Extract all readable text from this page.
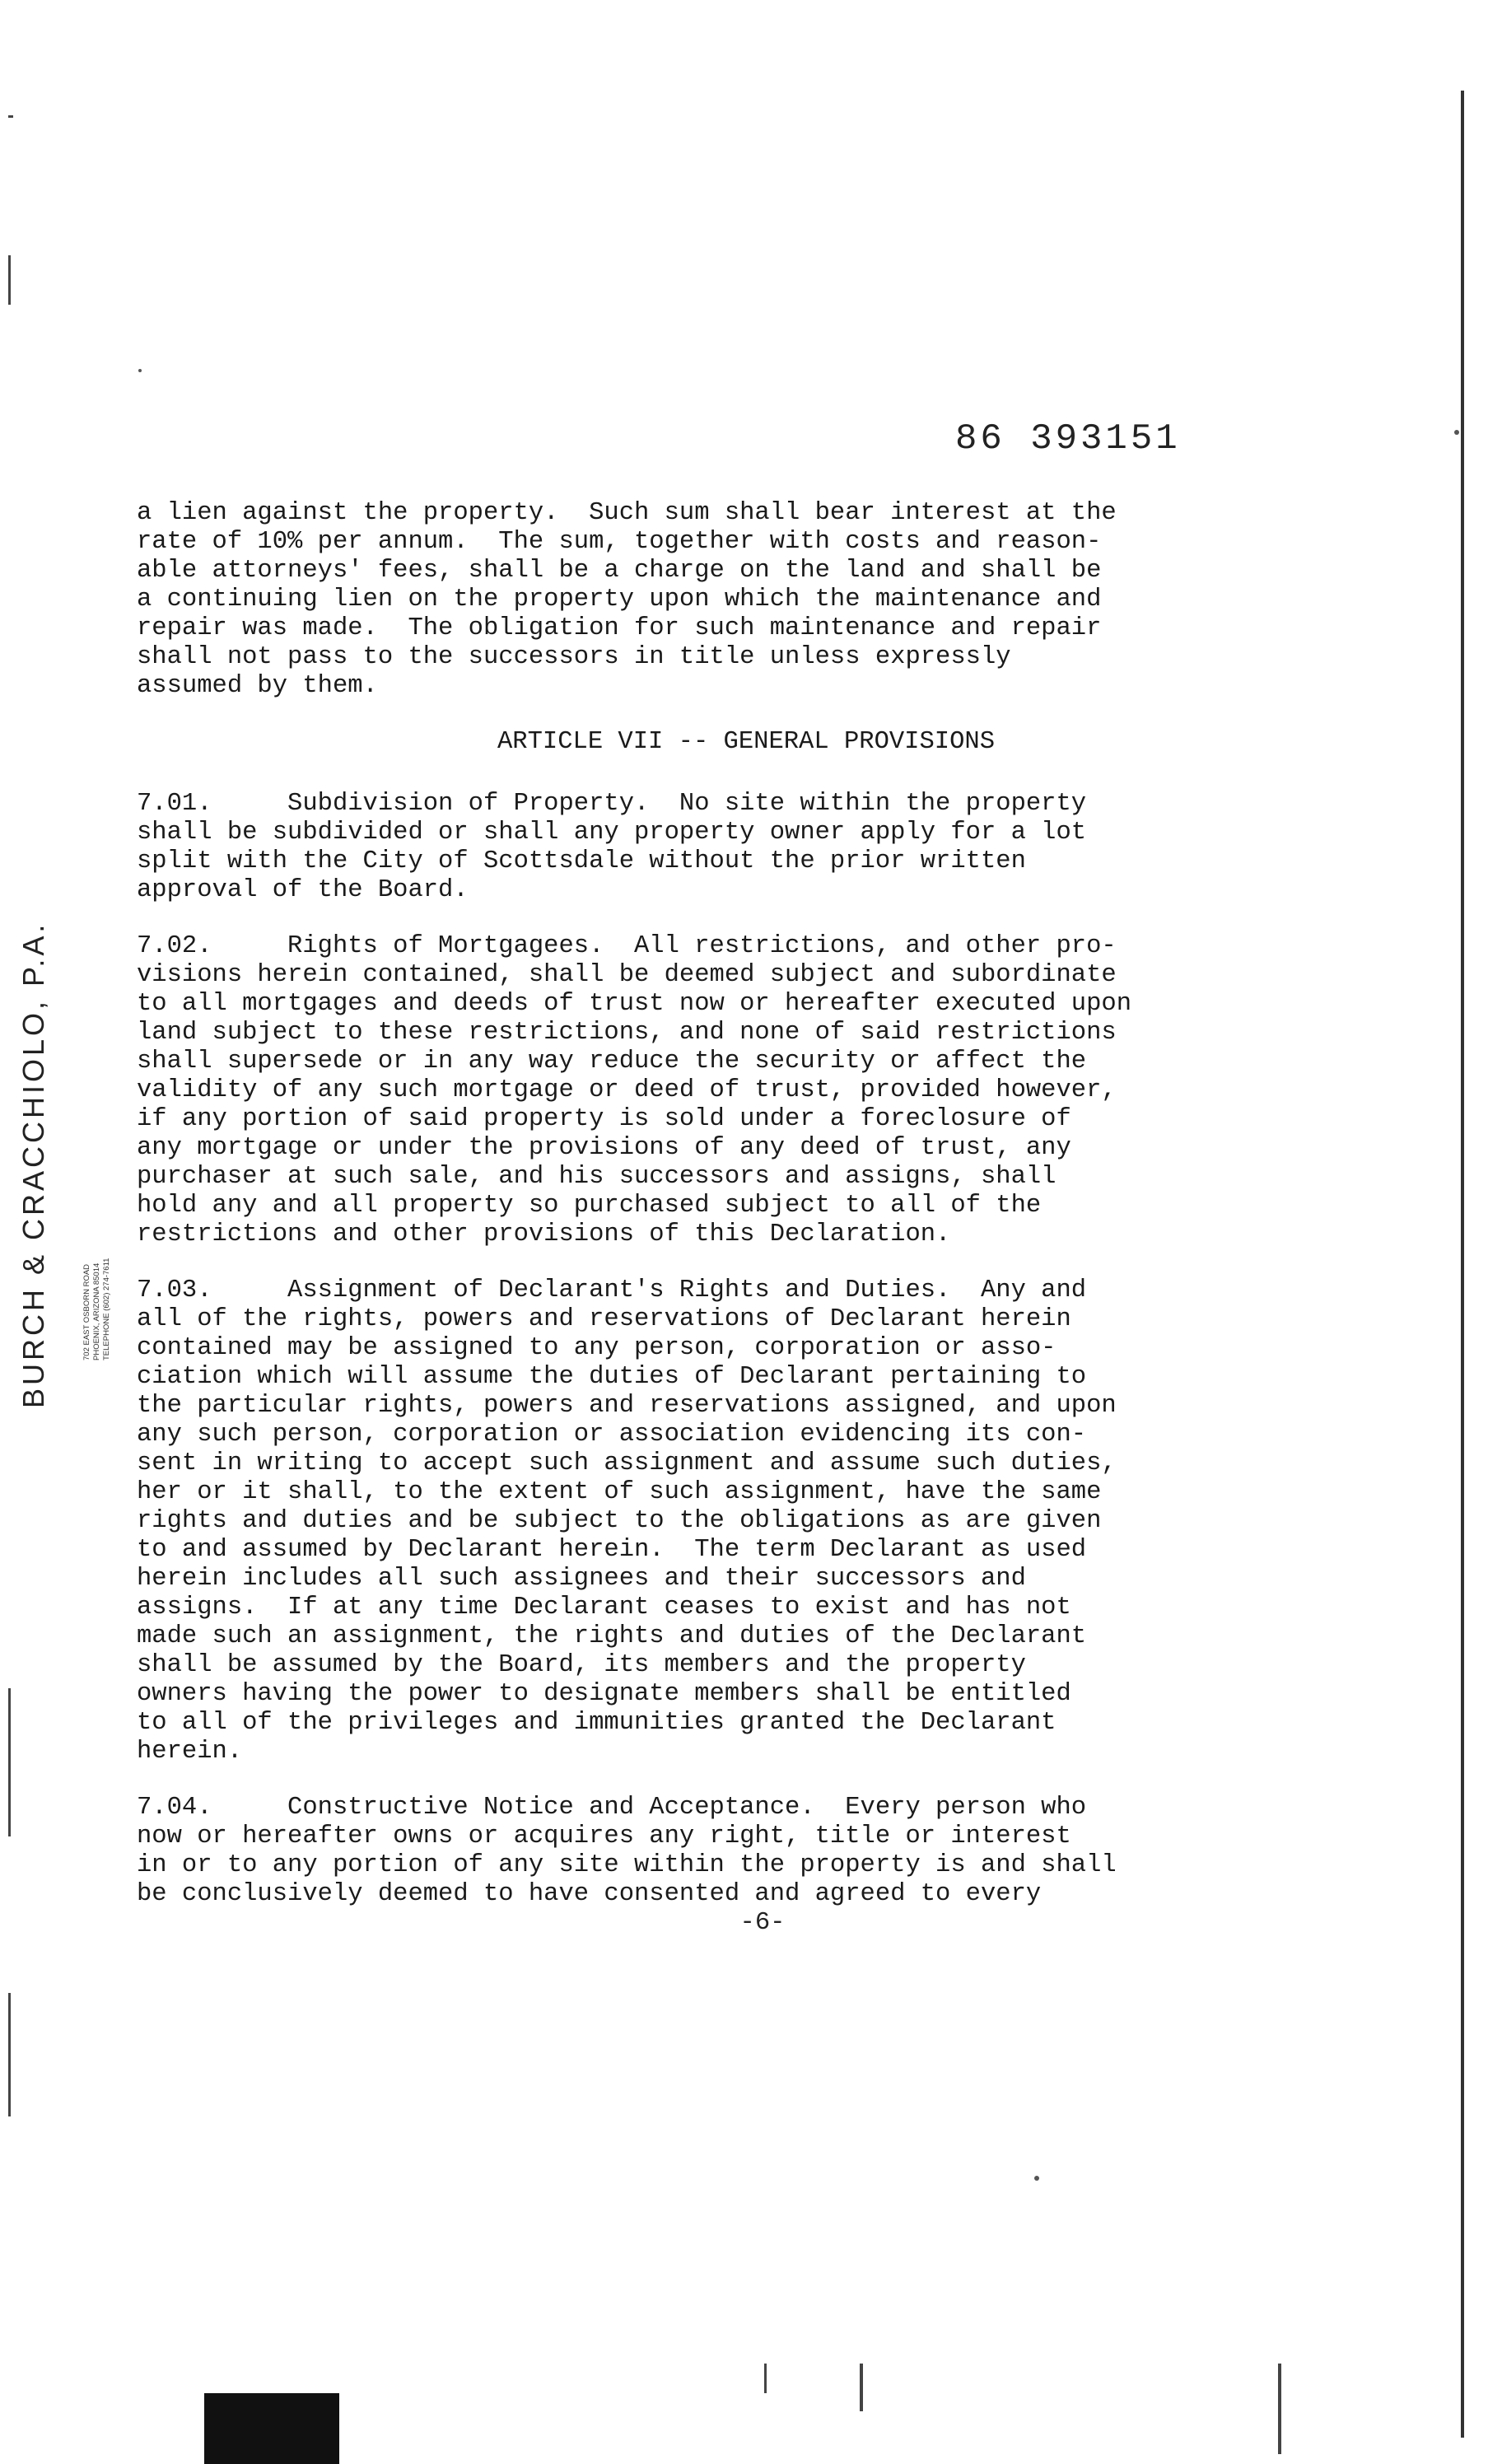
86 393151
a lien against the property.  Such sum shall bear interest at the
rate of 10% per annum.  The sum, together with costs and reason-
able attorneys' fees, shall be a charge on the land and shall be
a continuing lien on the property upon which the maintenance and
repair was made.  The obligation for such maintenance and repair
shall not pass to the successors in title unless expressly
assumed by them.
ARTICLE VII -- GENERAL PROVISIONS
7.01.     Subdivision of Property.  No site within the property
shall be subdivided or shall any property owner apply for a lot
split with the City of Scottsdale without the prior written
approval of the Board.
7.02.     Rights of Mortgagees.  All restrictions, and other pro-
visions herein contained, shall be deemed subject and subordinate
to all mortgages and deeds of trust now or hereafter executed upon
land subject to these restrictions, and none of said restrictions
shall supersede or in any way reduce the security or affect the
validity of any such mortgage or deed of trust, provided however,
if any portion of said property is sold under a foreclosure of
any mortgage or under the provisions of any deed of trust, any
purchaser at such sale, and his successors and assigns, shall
hold any and all property so purchased subject to all of the
restrictions and other provisions of this Declaration.
7.03.     Assignment of Declarant's Rights and Duties.  Any and
all of the rights, powers and reservations of Declarant herein
contained may be assigned to any person, corporation or asso-
ciation which will assume the duties of Declarant pertaining to
the particular rights, powers and reservations assigned, and upon
any such person, corporation or association evidencing its con-
sent in writing to accept such assignment and assume such duties,
her or it shall, to the extent of such assignment, have the same
rights and duties and be subject to the obligations as are given
to and assumed by Declarant herein.  The term Declarant as used
herein includes all such assignees and their successors and
assigns.  If at any time Declarant ceases to exist and has not
made such an assignment, the rights and duties of the Declarant
shall be assumed by the Board, its members and the property
owners having the power to designate members shall be entitled
to all of the privileges and immunities granted the Declarant
herein.
7.04.     Constructive Notice and Acceptance.  Every person who
now or hereafter owns or acquires any right, title or interest
in or to any portion of any site within the property is and shall
be conclusively deemed to have consented and agreed to every
-6-
BURCH & CRACCHIOLO, P.A.	702 EAST OSBORN ROAD PHOENIX, ARIZONA 85014 TELEPHONE (602) 274-7611
